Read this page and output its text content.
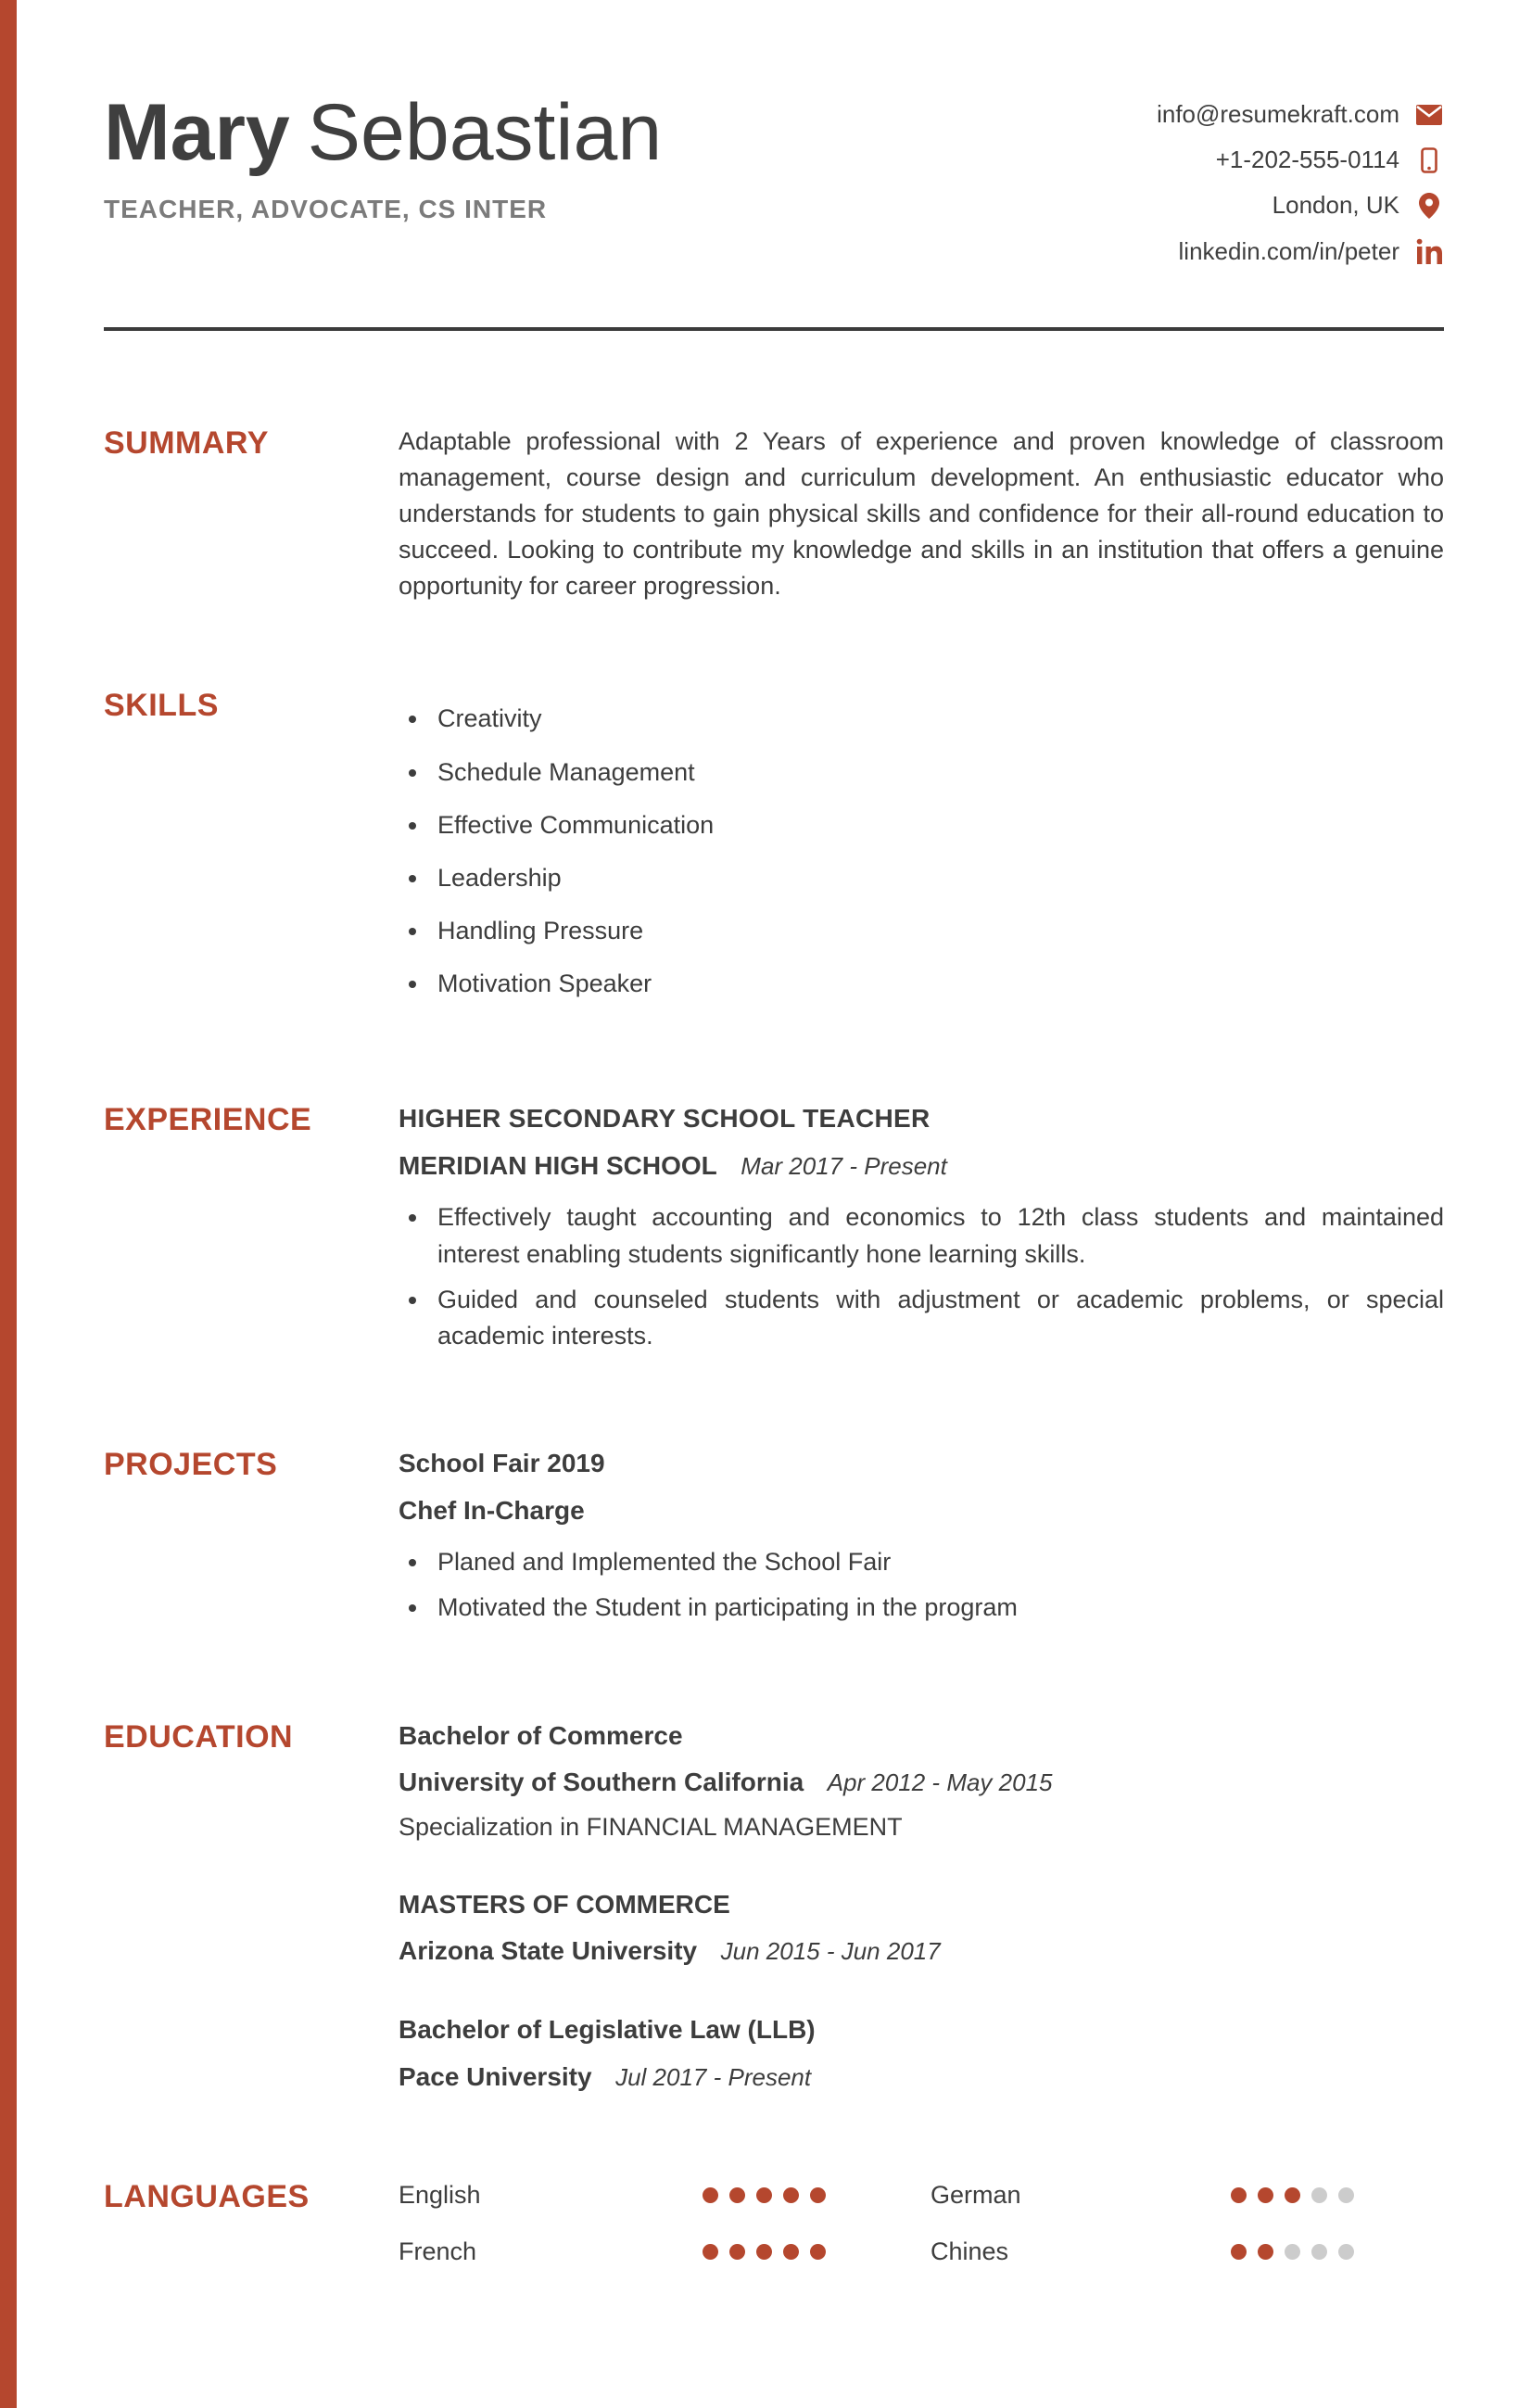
Mary Sebastian
TEACHER, ADVOCATE, CS INTER
info@resumekraft.com
+1-202-555-0114
London, UK
linkedin.com/in/peter
SUMMARY	Adaptable professional with 2 Years of experience and proven knowledge of classroom management, course design and curriculum development. An enthusiastic educator who understands for students to gain physical skills and confidence for their all-round education to succeed. Looking to contribute my knowledge and skills in an institution that offers a genuine opportunity for career progression.

SKILLS	• Creativity
• Schedule Management
• Effective Communication
• Leadership
• Handling Pressure
• Motivation Speaker
EXPERIENCE	HIGHER SECONDARY SCHOOL TEACHER
MERIDIAN HIGH SCHOOL Mar 2017 - Present
• Effectively taught accounting and economics to 12th class students and maintained interest enabling students significantly hone learning skills.
• Guided and counseled students with adjustment or academic problems, or special academic interests.
PROJECTS	School Fair 2019
Chef In-Charge
• Planed and Implemented the School Fair
• Motivated the Student in participating in the program
EDUCATION	Bachelor of Commerce
University of Southern California Apr 2012 - May 2015
Specialization in FINANCIAL MANAGEMENT
MASTERS OF COMMERCE
Arizona State University Jun 2015 - Jun 2017
Bachelor of Legislative Law (LLB)
Pace University Jul 2017 - Present
LANGUAGES	English	German
French	Chines
